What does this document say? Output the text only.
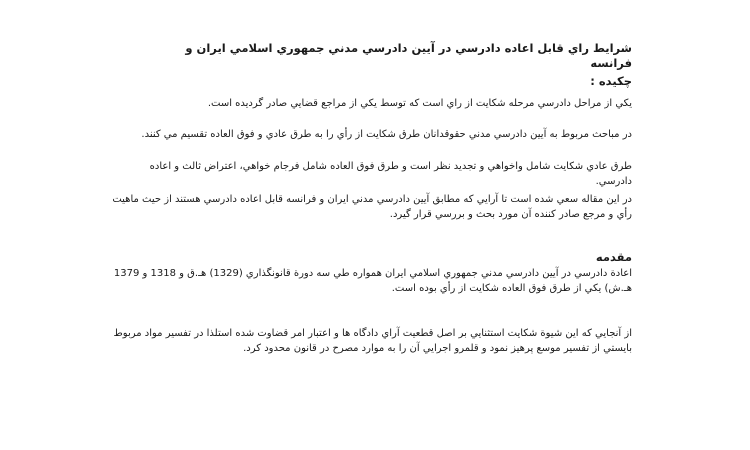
شرايط راي قابل اعاده دادرسي در آيين دادرسي مدني جمهوري اسلامي ايران و فرانسه
چكيده :

يكي از مراحل دادرسي مرحله شكايت از راي است كه توسط يكي از مراجع قضايي صادر گرديده است.

در مباحث مربوط به آيين دادرسي مدني حقوقدانان طرق شكايت از رأي را به طرق عادي و فوق العاده تقسيم مي كنند.

طرق عادي شكايت شامل واخواهي و تجديد نظر است و طرق فوق العاده شامل فرجام خواهي، اعتراض ثالث و اعاده دادرسي.

در اين مقاله سعي شده است تا آرايي كه مطابق آيين دادرسي مدني ايران و فرانسه قابل اعاده دادرسي هستند از حيث ماهيت رأي و مرجع صادر كننده آن مورد بحث و بررسي قرار گيرد.

مقدمه

اعادة دادرسي در آيين دادرسي مدني جمهوري اسلامي ايران همواره طي سه دورة قانونگذاري (1329) هـ.ق و 1318 و 1379 هـ.ش) يكي از طرق فوق العاده شكايت از رأي بوده است.

از آنجايي كه اين شيوة شكايت استثنايي بر اصل قطعيت آراي دادگاه ها و اعتبار امر قضاوت شده استلذا در تفسير مواد مربوط بايستي از تفسير موسع پرهيز نمود و قلمرو اجرايي آن را به موارد مصرح در قانون محدود كرد.
